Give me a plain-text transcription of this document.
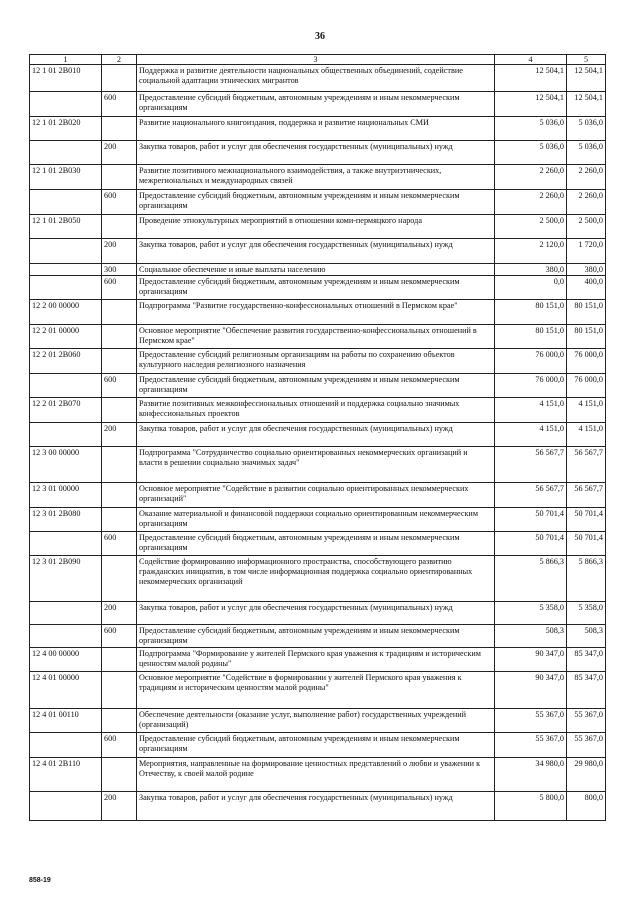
36
1	2	3	4	5
12 1 01 2B010		Поддержка и развитие деятельности национальных общественных объединений, содействие социальной адаптации этнических мигрантов	12 504,1	12 504,1
	600	Предоставление субсидий бюджетным, автономным учреждениям и иным некоммерческим организациям	12 504,1	12 504,1
12 1 01 2B020		Развитие национального книгоиздания, поддержка и развитие национальных СМИ	5 036,0	5 036,0
	200	Закупка товаров, работ и услуг для обеспечения государственных (муниципальных) нужд	5 036,0	5 036,0
12 1 01 2B030		Развитие позитивного межнационального взаимодействия, а также внутриэтнических, межрегиональных и международных связей	2 260,0	2 260,0
	600	Предоставление субсидий бюджетным, автономным учреждениям и иным некоммерческим организациям	2 260,0	2 260,0
12 1 01 2B050		Проведение этнокультурных мероприятий в отношении коми-пермяцкого народа	2 500,0	2 500,0
	200	Закупка товаров, работ и услуг для обеспечения государственных (муниципальных) нужд	2 120,0	1 720,0
	300	Социальное обеспечение и иные выплаты населению	380,0	380,0
	600	Предоставление субсидий бюджетным, автономным учреждениям и иным некоммерческим организациям	0,0	400,0
12 2 00 00000		Подпрограмма "Развитие государственно-конфессиональных отношений в Пермском крае"	80 151,0	80 151,0
12 2 01 00000		Основное мероприятие "Обеспечение развития государственно-конфессиональных отношений в Пермском крае"	80 151,0	80 151,0
12 2 01 2B060		Предоставление субсидий религиозным организациям на работы по сохранению объектов культурного наследия религиозного назначения	76 000,0	76 000,0
	600	Предоставление субсидий бюджетным, автономным учреждениям и иным некоммерческим организациям	76 000,0	76 000,0
12 2 01 2B070		Развитие позитивных межконфессиональных отношений и поддержка социально значимых конфессиональных проектов	4 151,0	4 151,0
	200	Закупка товаров, работ и услуг для обеспечения государственных (муниципальных) нужд	4 151,0	4 151,0
12 3 00 00000		Подпрограмма "Сотрудничество социально ориентированных некоммерческих организаций и власти в решении социально значимых задач"	56 567,7	56 567,7
12 3 01 00000		Основное мероприятие "Содействие в развитии социально ориентированных некоммерческих организаций"	56 567,7	56 567,7
12 3 01 2B080		Оказание материальной и финансовой поддержки социально ориентированным некоммерческим организациям	50 701,4	50 701,4
	600	Предоставление субсидий бюджетным, автономным учреждениям и иным некоммерческим организациям	50 701,4	50 701,4
12 3 01 2B090		Содействие формированию информационного пространства, способствующего развитию гражданских инициатив, в том числе информационная поддержка социально ориентированных некоммерческих организаций	5 866,3	5 866,3
	200	Закупка товаров, работ и услуг для обеспечения государственных (муниципальных) нужд	5 358,0	5 358,0
	600	Предоставление субсидий бюджетным, автономным учреждениям и иным некоммерческим организациям	508,3	508,3
12 4 00 00000		Подпрограмма "Формирование у жителей Пермского края уважения к традициям и историческим ценностям малой родины"	90 347,0	85 347,0
12 4 01 00000		Основное мероприятие "Содействие в формировании у жителей Пермского края уважения к традициям и историческим ценностям малой родины"	90 347,0	85 347,0
12 4 01 00110		Обеспечение деятельности (оказание услуг, выполнение работ) государственных учреждений (организаций)	55 367,0	55 367,0
	600	Предоставление субсидий бюджетным, автономным учреждениям и иным некоммерческим организациям	55 367,0	55 367,0
12 4 01 2B110		Мероприятия, направленные на формирование ценностных представлений о любви и уважении к Отечеству, к своей малой родине	34 980,0	29 980,0
	200	Закупка товаров, работ и услуг для обеспечения государственных (муниципальных) нужд	5 800,0	800,0
858-19
